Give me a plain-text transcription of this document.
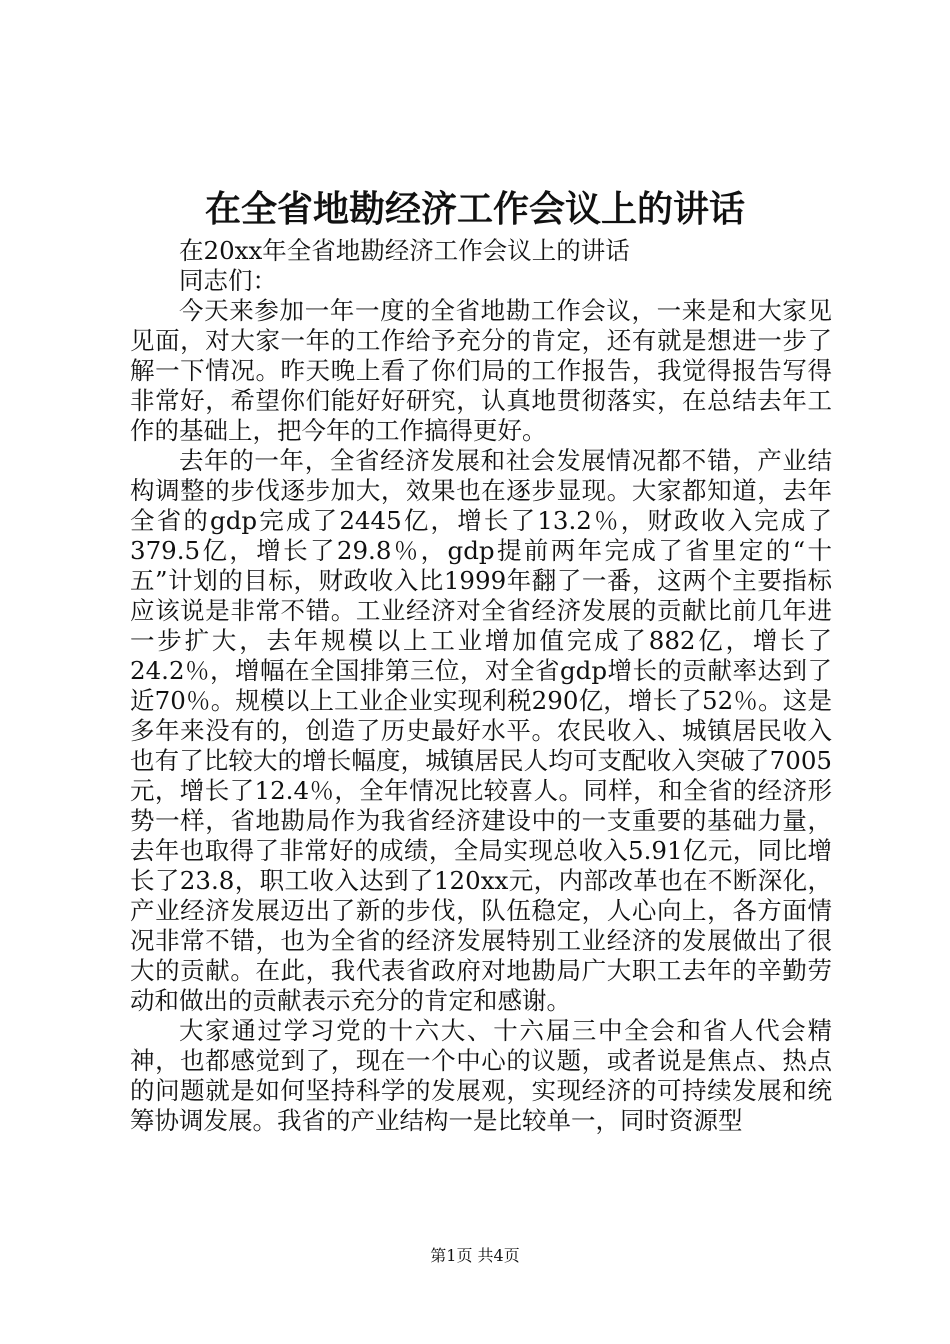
在全省地勘经济工作会议上的讲话

在20xx年全省地勘经济工作会议上的讲话

同志们：

今天来参加一年一度的全省地勘工作会议，一来是和大家见见面，对大家一年的工作给予充分的肯定，还有就是想进一步了解一下情况。昨天晚上看了你们局的工作报告，我觉得报告写得非常好，希望你们能好好研究，认真地贯彻落实，在总结去年工作的基础上，把今年的工作搞得更好。

去年的一年，全省经济发展和社会发展情况都不错，产业结构调整的步伐逐步加大，效果也在逐步显现。大家都知道，去年全省的gdp完成了2445亿，增长了13.2％，财政收入完成了379.5亿，增长了29.8％，gdp提前两年完成了省里定的“十五”计划的目标，财政收入比1999年翻了一番，这两个主要指标应该说是非常不错。工业经济对全省经济发展的贡献比前几年进一步扩大，去年规模以上工业增加值完成了882亿，增长了24.2％，增幅在全国排第三位，对全省gdp增长的贡献率达到了近70％。规模以上工业企业实现利税290亿，增长了52％。这是多年来没有的，创造了历史最好水平。农民收入、城镇居民收入也有了比较大的增长幅度，城镇居民人均可支配收入突破了7005元，增长了12.4％，全年情况比较喜人。同样，和全省的经济形势一样，省地勘局作为我省经济建设中的一支重要的基础力量，去年也取得了非常好的成绩，全局实现总收入5.91亿元，同比增长了23.8，职工收入达到了120xx元，内部改革也在不断深化，产业经济发展迈出了新的步伐，队伍稳定，人心向上，各方面情况非常不错，也为全省的经济发展特别工业经济的发展做出了很大的贡献。在此，我代表省政府对地勘局广大职工去年的辛勤劳动和做出的贡献表示充分的肯定和感谢。

大家通过学习党的十六大、十六届三中全会和省人代会精神，也都感觉到了，现在一个中心的议题，或者说是焦点、热点的问题就是如何坚持科学的发展观，实现经济的可持续发展和统筹协调发展。我省的产业结构一是比较单一，同时资源型

第1页 共4页
